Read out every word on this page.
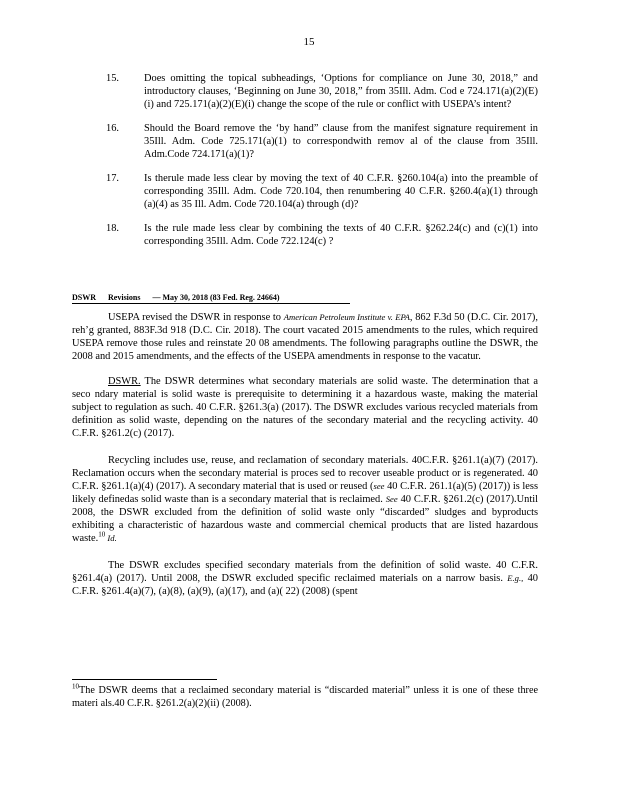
15
15.	Does omitting the topical subheadings, ‘Options for compliance on June 30, 2018,” and introductory clauses, ‘Beginning on June 30, 2018,” from 35Ill. Adm. Cod e 724.171(a)(2)(E)(i) and 725.171(a)(2)(E)(i) change the scope of the rule or conflict with USEPA’s intent?
16.	Should the Board remove the ‘by hand” clause from the manifest signature requirement in 35Ill. Adm. Code 725.171(a)(1) to correspondwith remov al of the clause from 35Ill. Adm.Code 724.171(a)(1)?
17.	Is therule made less clear by moving the text of 40 C.F.R. §260.104(a) into the preamble of corresponding 35Ill. Adm. Code 720.104, then renumbering 40 C.F.R. §260.4(a)(1) through (a)(4) as 35 Ill. Adm. Code 720.104(a) through (d)?
18.	Is the rule made less clear by combining the texts of 40 C.F.R. §262.24(c) and (c)(1) into corresponding 35Ill. Adm. Code 722.124(c) ?
DSWR Revisions — May 30, 2018 (83 Fed. Reg. 24664)

USEPA revised the DSWR in response to American Petroleum Institute v. EPA, 862 F.3d 50 (D.C. Cir. 2017), reh’g granted, 883F.3d 918 (D.C. Cir. 2018). The court vacated 2015 amendments to the rules, which required USEPA remove those rules and reinstate 20 08 amendments. The following paragraphs outline the DSWR, the 2008 and 2015 amendments, and the effects of the USEPA amendments in response to the vacatur.

DSWR. The DSWR determines what secondary materials are solid waste. The determination that a seco ndary material is solid waste is prerequisite to determining it a hazardous waste, making the material subject to regulation as such. 40 C.F.R. §261.3(a) (2017). The DSWR excludes various recycled materials from definition as solid waste, depending on the natures of the secondary material and the recycling activity. 40 C.F.R. §261.2(c) (2017).

Recycling includes use, reuse, and reclamation of secondary materials. 40C.F.R. §261.1(a)(7) (2017). Reclamation occurs when the secondary material is proces sed to recover useable product or is regenerated. 40 C.F.R. §261.1(a)(4) (2017). A secondary material that is used or reused (see 40 C.F.R. 261.1(a)(5) (2017)) is less likely definedas solid waste than is a secondary material that is reclaimed. See 40 C.F.R. §261.2(c) (2017).Until 2008, the DSWR excluded from the definition of solid waste only “discarded” sludges and byproducts exhibiting a characteristic of hazardous waste and commercial chemical products that are listed hazardous waste.$^{10}$ Id.

The DSWR excludes specified secondary materials from the definition of solid waste. 40 C.F.R. §261.4(a) (2017). Until 2008, the DSWR excluded specific reclaimed materials on a narrow basis. E.g., 40 C.F.R. §261.4(a)(7), (a)(8), (a)(9), (a)(17), and (a)( 22) (2008) (spent

$^{10}$The DSWR deems that a reclaimed secondary material is “discarded material” unless it is one of these three materi als.40 C.F.R. §261.2(a)(2)(ii) (2008).
